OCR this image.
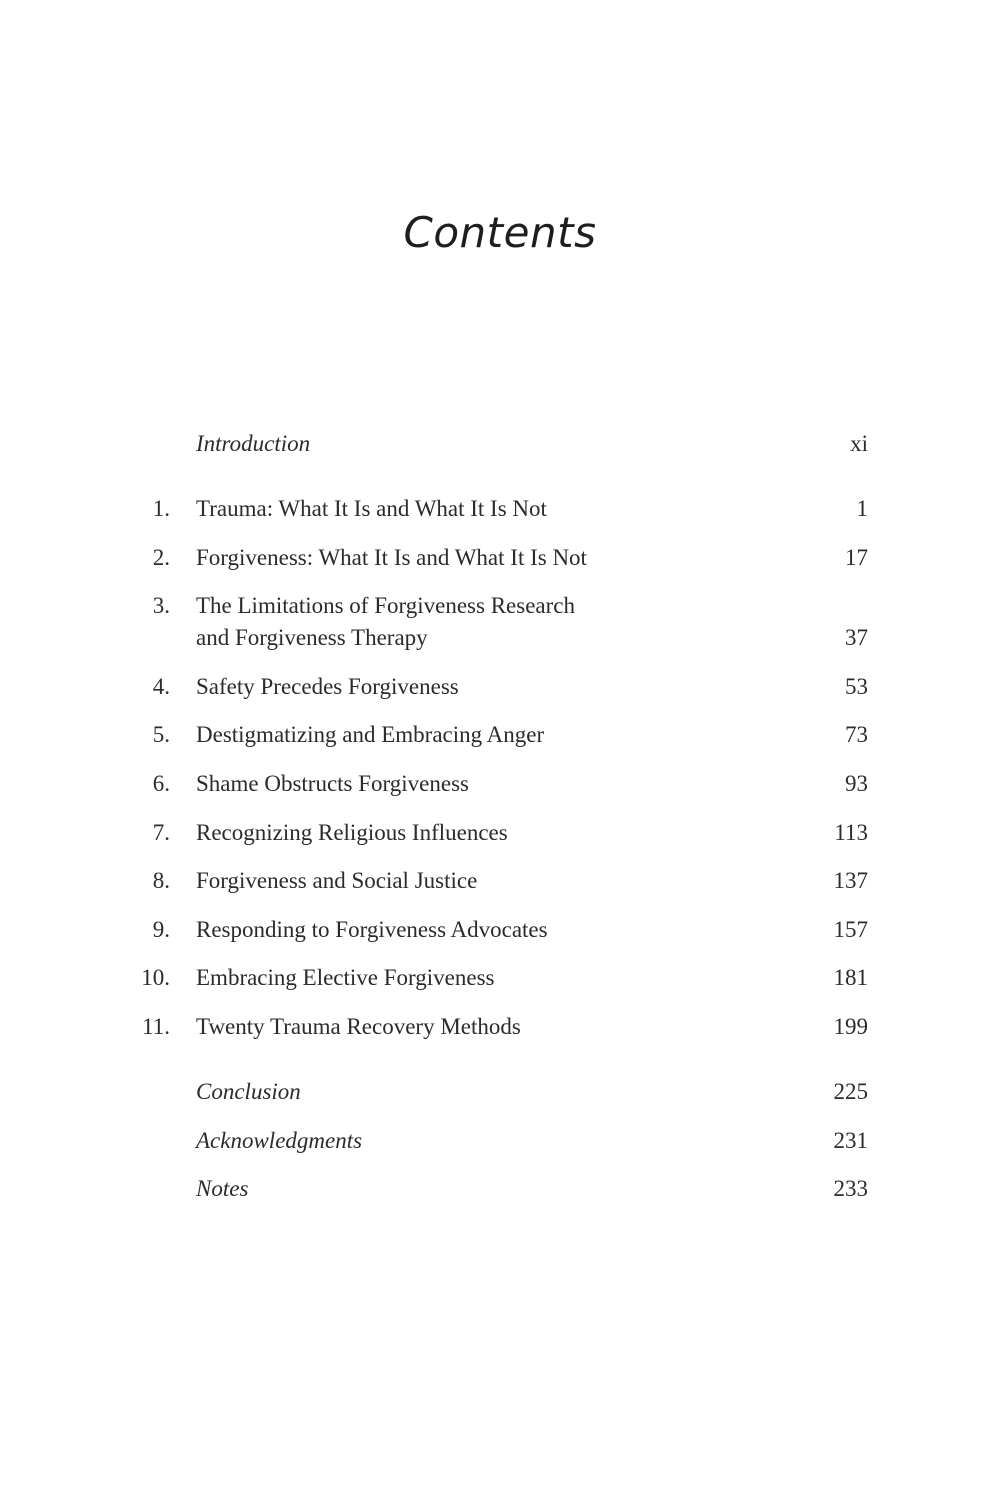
Contents
Introduction	xi
1. Trauma: What It Is and What It Is Not	1
2. Forgiveness: What It Is and What It Is Not	17
3. The Limitations of Forgiveness Research
and Forgiveness Therapy	37
4. Safety Precedes Forgiveness	53
5. Destigmatizing and Embracing Anger	73
6. Shame Obstructs Forgiveness	93
7. Recognizing Religious Influences	113
8. Forgiveness and Social Justice	137
9. Responding to Forgiveness Advocates	157
10. Embracing Elective Forgiveness	181
11. Twenty Trauma Recovery Methods	199
Conclusion	225
Acknowledgments	231
Notes	233
